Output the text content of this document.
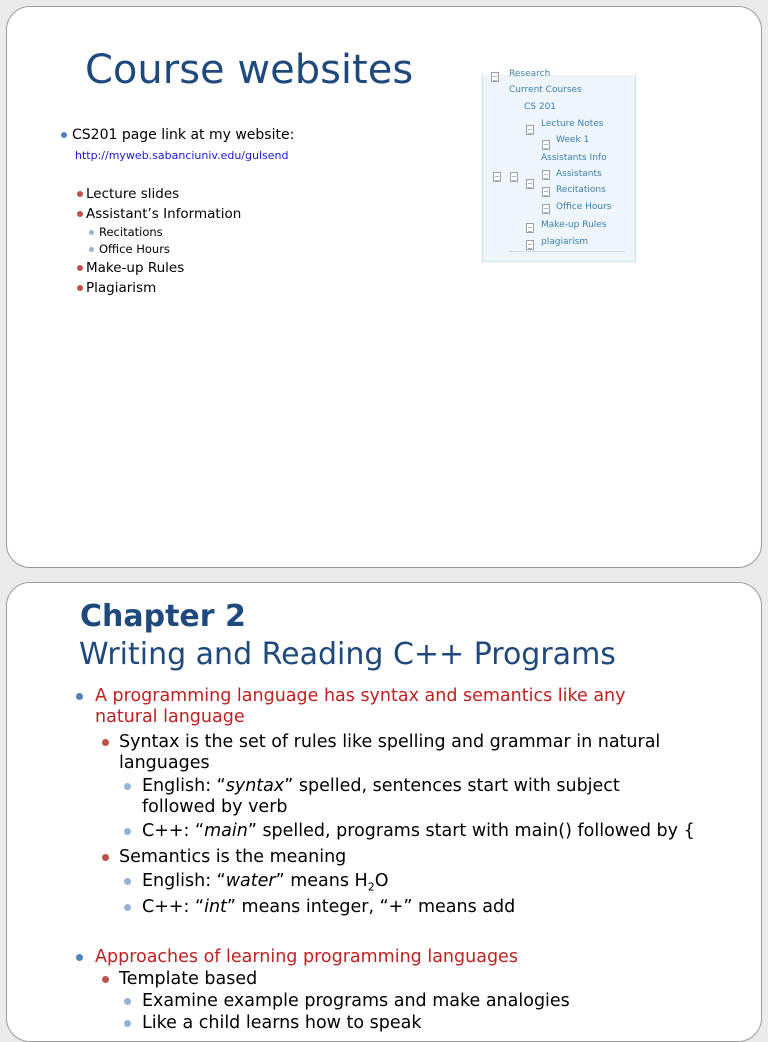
Course websites
CS201 page link at my website:
http://myweb.sabanciuniv.edu/gulsend
Lecture slides
Assistant’s Information
Recitations
Office Hours
Make-up Rules
Plagiarism
Research
Current Courses
CS 201
Lecture Notes
Week 1
Assistants Info
Assistants
Recitations
Office Hours
Make-up Rules
plagiarism
Chapter 2
Writing and Reading C++ Programs
A programming language has syntax and semantics like any
natural language
Syntax is the set of rules like spelling and grammar in natural
languages
English: “syntax” spelled, sentences start with subject
followed by verb
C++: “main” spelled, programs start with main() followed by {
Semantics is the meaning
English: “water” means $H_2O$
C++: “int” means integer, “+” means add
Approaches of learning programming languages
Template based
Examine example programs and make analogies
Like a child learns how to speak
